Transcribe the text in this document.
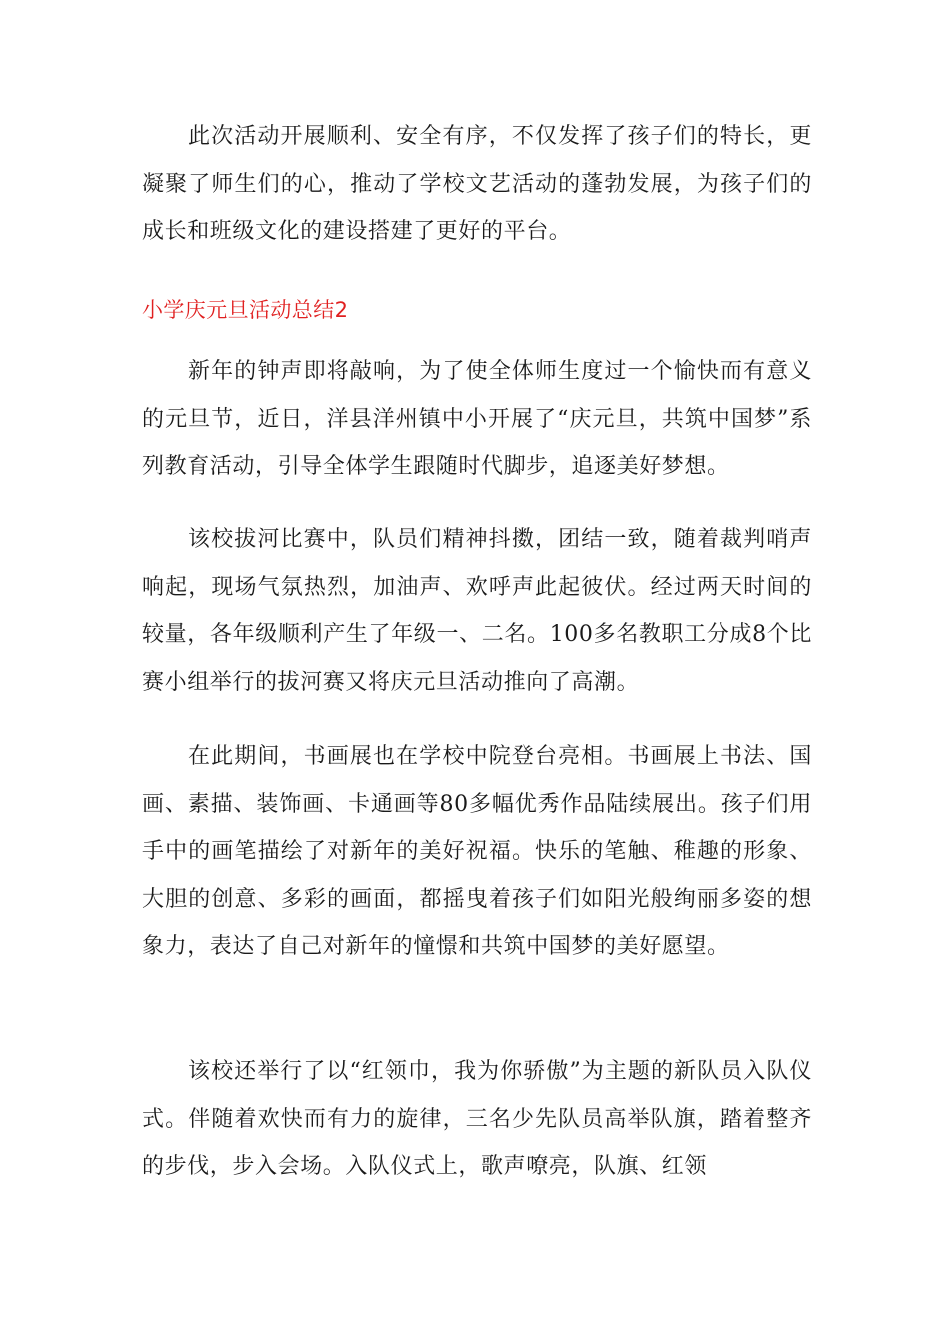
此次活动开展顺利、安全有序，不仅发挥了孩子们的特长，更凝聚了师生们的心，推动了学校文艺活动的蓬勃发展，为孩子们的成长和班级文化的建设搭建了更好的平台。

小学庆元旦活动总结2

新年的钟声即将敲响，为了使全体师生度过一个愉快而有意义的元旦节，近日，洋县洋州镇中小开展了“庆元旦，共筑中国梦”系列教育活动，引导全体学生跟随时代脚步，追逐美好梦想。

该校拔河比赛中，队员们精神抖擞，团结一致，随着裁判哨声响起，现场气氛热烈，加油声、欢呼声此起彼伏。经过两天时间的较量，各年级顺利产生了年级一、二名。100多名教职工分成8个比赛小组举行的拔河赛又将庆元旦活动推向了高潮。

在此期间，书画展也在学校中院登台亮相。书画展上书法、国画、素描、装饰画、卡通画等80多幅优秀作品陆续展出。孩子们用手中的画笔描绘了对新年的美好祝福。快乐的笔触、稚趣的形象、大胆的创意、多彩的画面，都摇曳着孩子们如阳光般绚丽多姿的想象力，表达了自己对新年的憧憬和共筑中国梦的美好愿望。

该校还举行了以“红领巾，我为你骄傲”为主题的新队员入队仪式。伴随着欢快而有力的旋律，三名少先队员高举队旗，踏着整齐的步伐，步入会场。入队仪式上，歌声嘹亮，队旗、红领
